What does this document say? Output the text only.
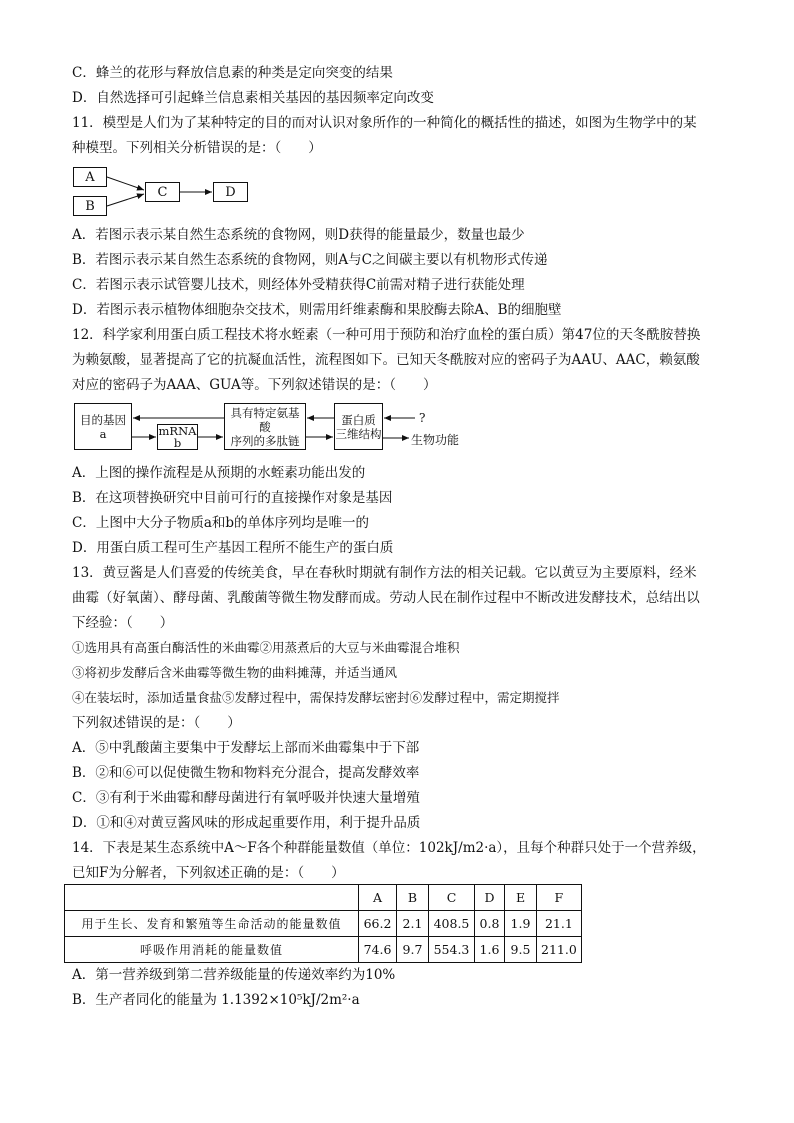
C．蜂兰的花形与释放信息素的种类是定向突变的结果
D．自然选择可引起蜂兰信息素相关基因的基因频率定向改变
11．模型是人们为了某种特定的目的而对认识对象所作的一种简化的概括性的描述，如图为生物学中的某
种模型。下列相关分析错误的是：（　　）
A
B
C	D
A．若图示表示某自然生态系统的食物网，则D获得的能量最少，数量也最少
B．若图示表示某自然生态系统的食物网，则A与C之间碳主要以有机物形式传递
C．若图示表示试管婴儿技术，则经体外受精获得C前需对精子进行获能处理
D．若图示表示植物体细胞杂交技术，则需用纤维素酶和果胶酶去除A、B的细胞壁
12．科学家利用蛋白质工程技术将水蛭素（一种可用于预防和治疗血栓的蛋白质）第47位的天冬酰胺替换
为赖氨酸，显著提高了它的抗凝血活性，流程图如下。已知天冬酰胺对应的密码子为AAU、AAC，赖氨酸
对应的密码子为AAA、GUA等。下列叙述错误的是：（　　）
目的基因
a	mRNA
b
具有特定氨基酸
序列的多肽链
蛋白质
三维结构
?
生物功能
A．上图的操作流程是从预期的水蛭素功能出发的
B．在这项替换研究中目前可行的直接操作对象是基因
C．上图中大分子物质a和b的单体序列均是唯一的
D．用蛋白质工程可生产基因工程所不能生产的蛋白质
13．黄豆酱是人们喜爱的传统美食，早在春秋时期就有制作方法的相关记载。它以黄豆为主要原料，经米
曲霉（好氧菌）、酵母菌、乳酸菌等微生物发酵而成。劳动人民在制作过程中不断改进发酵技术，总结出以
下经验：（　　）
①选用具有高蛋白酶活性的米曲霉②用蒸煮后的大豆与米曲霉混合堆积
③将初步发酵后含米曲霉等微生物的曲料摊薄，并适当通风
④在装坛时，添加适量食盐⑤发酵过程中，需保持发酵坛密封⑥发酵过程中，需定期搅拌
下列叙述错误的是：（　　）
A．⑤中乳酸菌主要集中于发酵坛上部而米曲霉集中于下部
B．②和⑥可以促使微生物和物料充分混合，提高发酵效率
C．③有利于米曲霉和酵母菌进行有氧呼吸并快速大量增殖
D．①和④对黄豆酱风味的形成起重要作用，利于提升品质
14．下表是某生态系统中A～F各个种群能量数值（单位：102kJ/m2·a），且每个种群只处于一个营养级，
已知F为分解者，下列叙述正确的是：（　　）
	A	B	C	D	E	F
用于生长、发育和繁殖等生命活动的能量数值	66.2	2.1	408.5	0.8	1.9	21.1
呼吸作用消耗的能量数值	74.6	9.7	554.3	1.6	9.5	211.0
A．第一营养级到第二营养级能量的传递效率约为10%
B．生产者同化的能量为 1.1392×10⁵kJ/2m²·a
